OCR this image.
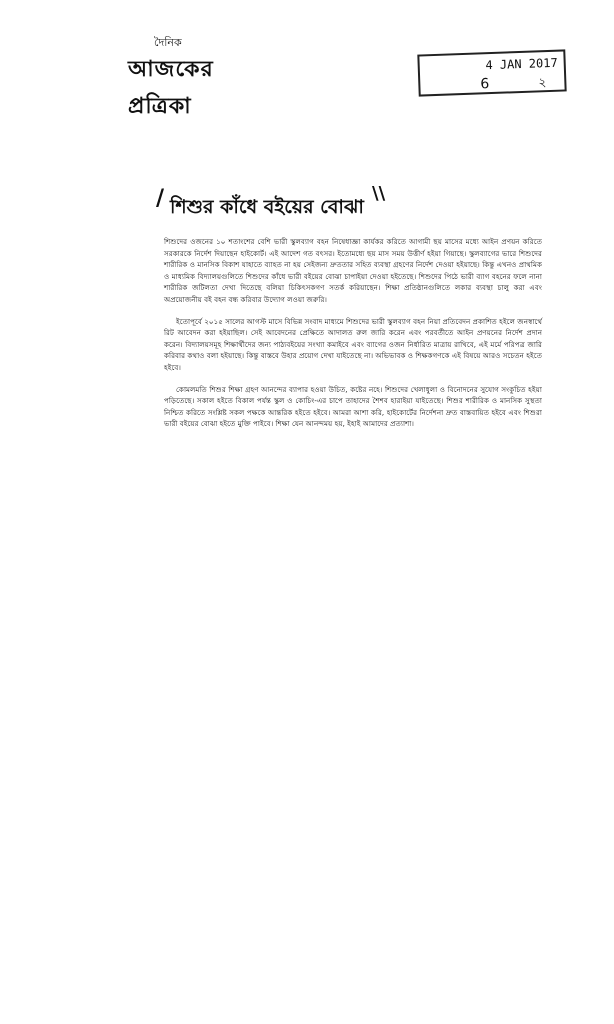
দৈনিক
আজকের প্রত্রিকা
4 JAN 2017
6	২
/ শিশুর কাঁধে বইয়ের বোঝা
\\

শিশুদের ওজনের ১০ শতাংশের বেশি ভারী স্কুলব্যাগ বহন নিষেধাজ্ঞা কার্যকর করিতে আগামী ছয় মাসের মধ্যে আইন প্রণয়ন করিতে সরকারকে নির্দেশ দিয়াছেন হাইকোর্ট। এই আদেশ গত বৎসর। ইতোমধ্যে ছয় মাস সময় উত্তীর্ণ হইয়া গিয়াছে। স্কুলব্যাগের ভারে শিশুদের শারীরিক ও মানসিক বিকাশ যাহাতে ব্যাহত না হয় সেইজন্য দ্রুততার সহিত ব্যবস্থা গ্রহণের নির্দেশ দেওয়া হইয়াছে। কিন্তু এখনও প্রাথমিক ও মাধ্যমিক বিদ্যালয়গুলিতে শিশুদের কাঁধে ভারী বইয়ের বোঝা চাপাইয়া দেওয়া হইতেছে। শিশুদের পিঠে ভারী ব্যাগ বহনের ফলে নানা শারীরিক জটিলতা দেখা দিতেছে বলিয়া চিকিৎসকগণ সতর্ক করিয়াছেন। শিক্ষা প্রতিষ্ঠানগুলিতে লকার ব্যবস্থা চালু করা এবং অপ্রয়োজনীয় বই বহন বন্ধ করিবার উদ্যোগ লওয়া জরুরি।

ইতোপূর্বে ২০১৫ সালের আগস্ট মাসে বিভিন্ন সংবাদ মাধ্যমে শিশুদের ভারী স্কুলব্যাগ বহন নিয়া প্রতিবেদন প্রকাশিত হইলে জনস্বার্থে রিট আবেদন করা হইয়াছিল। সেই আবেদনের প্রেক্ষিতে আদালত রুল জারি করেন এবং পরবর্তীতে আইন প্রণয়নের নির্দেশ প্রদান করেন। বিদ্যালয়সমূহ শিক্ষার্থীদের জন্য পাঠ্যবইয়ের সংখ্যা কমাইবে এবং ব্যাগের ওজন নির্ধারিত মাত্রায় রাখিবে, এই মর্মে পরিপত্র জারি করিবার কথাও বলা হইয়াছে। কিন্তু বাস্তবে উহার প্রয়োগ দেখা যাইতেছে না। অভিভাবক ও শিক্ষকগণকে এই বিষয়ে আরও সচেতন হইতে হইবে।

কোমলমতি শিশুর শিক্ষা গ্রহণ আনন্দের ব্যাপার হওয়া উচিত, কষ্টের নহে। শিশুদের খেলাধুলা ও বিনোদনের সুযোগ সংকুচিত হইয়া পড়িতেছে। সকাল হইতে বিকাল পর্যন্ত স্কুল ও কোচিং-এর চাপে তাহাদের শৈশব হারাইয়া যাইতেছে। শিশুর শারীরিক ও মানসিক সুস্থতা নিশ্চিত করিতে সংশ্লিষ্ট সকল পক্ষকে আন্তরিক হইতে হইবে। আমরা আশা করি, হাইকোর্টের নির্দেশনা দ্রুত বাস্তবায়িত হইবে এবং শিশুরা ভারী বইয়ের বোঝা হইতে মুক্তি পাইবে। শিক্ষা যেন আনন্দময় হয়, ইহাই আমাদের প্রত্যাশা।
